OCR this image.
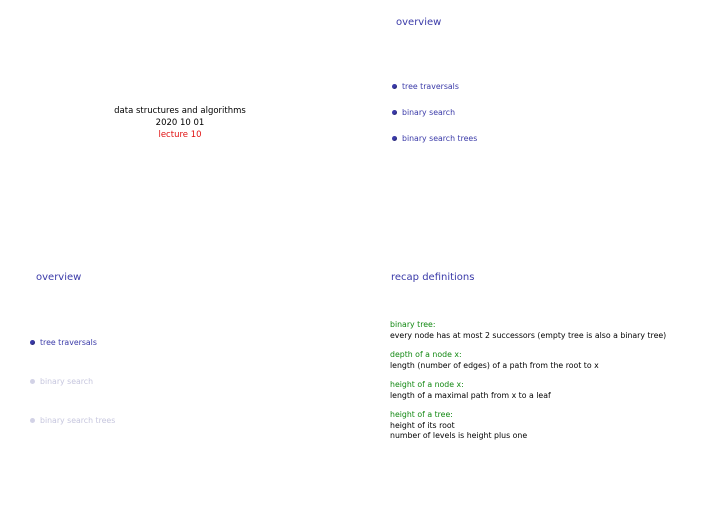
data structures and algorithms
2020 10 01
lecture 10
overview
tree traversals
binary search
binary search trees
overview
tree traversals
binary search
binary search trees
recap definitions
binary tree:
every node has at most 2 successors (empty tree is also a binary tree)
depth of a node x:
length (number of edges) of a path from the root to x
height of a node x:
length of a maximal path from x to a leaf
height of a tree:
height of its root
number of levels is height plus one
